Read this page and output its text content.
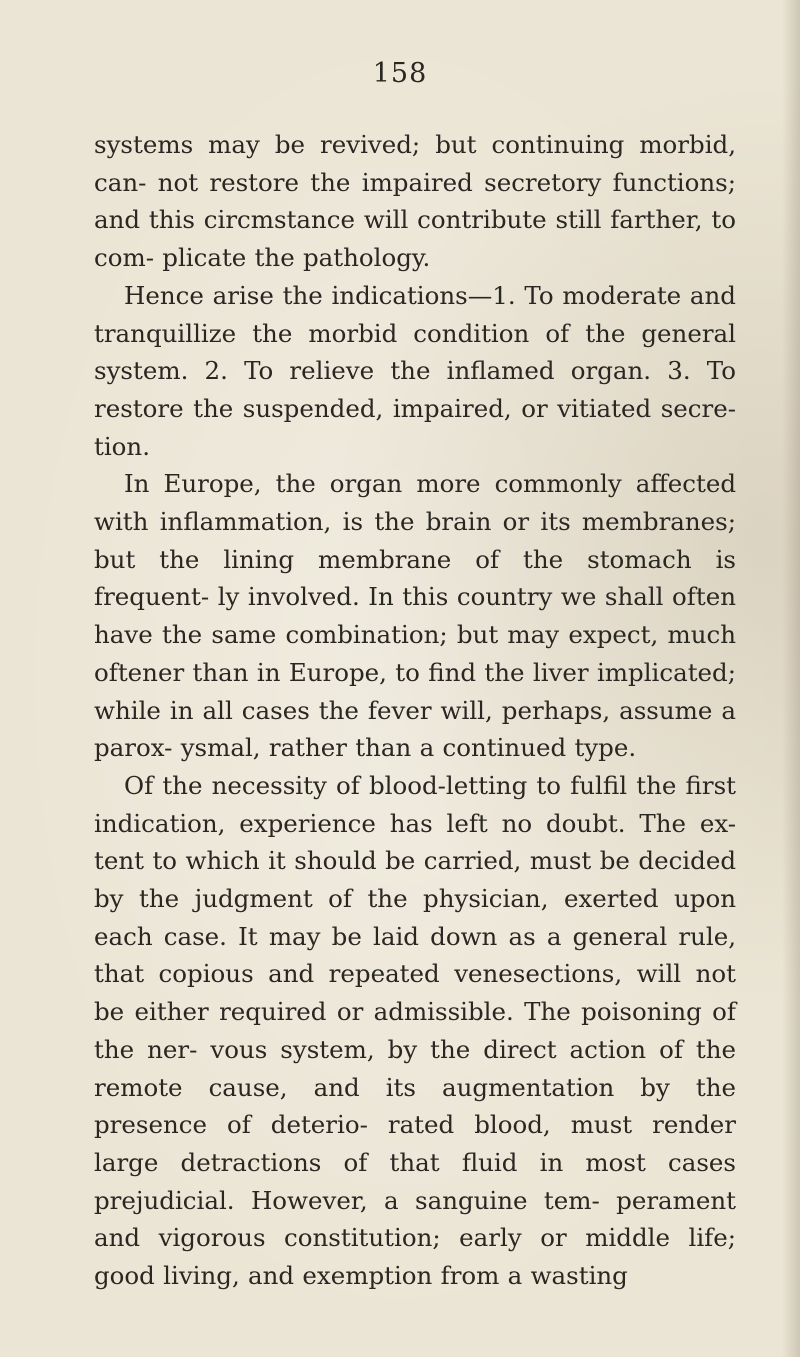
158

systems may be revived; but continuing morbid, can- not restore the impaired secretory functions; and this circmstance will contribute still farther, to com- plicate the pathology.

Hence arise the indications—1. To moderate and tranquillize the morbid condition of the general system. 2. To relieve the inflamed organ. 3. To restore the suspended, impaired, or vitiated secre- tion.

In Europe, the organ more commonly affected with inflammation, is the brain or its membranes; but the lining membrane of the stomach is frequent- ly involved. In this country we shall often have the same combination; but may expect, much oftener than in Europe, to find the liver implicated; while in all cases the fever will, perhaps, assume a parox- ysmal, rather than a continued type.

Of the necessity of blood-letting to fulfil the first indication, experience has left no doubt. The ex- tent to which it should be carried, must be decided by the judgment of the physician, exerted upon each case. It may be laid down as a general rule, that copious and repeated venesections, will not be either required or admissible. The poisoning of the ner- vous system, by the direct action of the remote cause, and its augmentation by the presence of deterio- rated blood, must render large detractions of that fluid in most cases prejudicial. However, a sanguine tem- perament and vigorous constitution; early or middle life; good living, and exemption from a wasting
